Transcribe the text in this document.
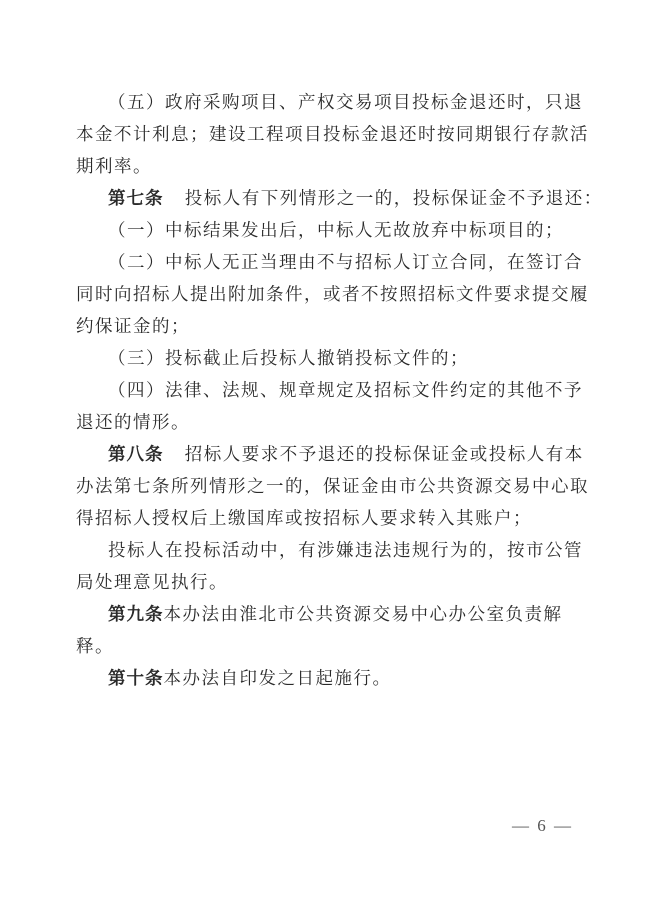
（五）政府采购项目、产权交易项目投标金退还时，只退
本金不计利息；建设工程项目投标金退还时按同期银行存款活
期利率。
第七条 投标人有下列情形之一的，投标保证金不予退还：
（一）中标结果发出后，中标人无故放弃中标项目的；
（二）中标人无正当理由不与招标人订立合同，在签订合
同时向招标人提出附加条件，或者不按照招标文件要求提交履
约保证金的；
（三）投标截止后投标人撤销投标文件的；
（四）法律、法规、规章规定及招标文件约定的其他不予
退还的情形。
第八条 招标人要求不予退还的投标保证金或投标人有本
办法第七条所列情形之一的，保证金由市公共资源交易中心取
得招标人授权后上缴国库或按招标人要求转入其账户；
投标人在投标活动中，有涉嫌违法违规行为的，按市公管
局处理意见执行。
第九条本办法由淮北市公共资源交易中心办公室负责解
释。
第十条本办法自印发之日起施行。
— 6 —
